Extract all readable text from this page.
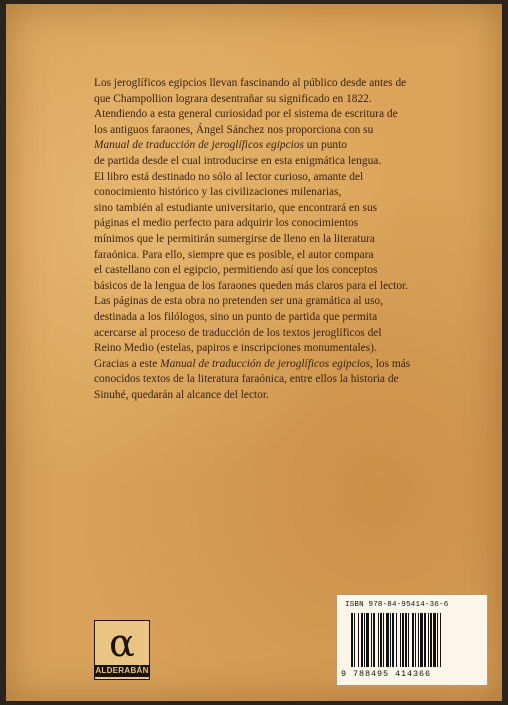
Los jeroglíficos egipcios llevan fascinando al público desde antes de
que Champollion lograra desentrañar su significado en 1822.
Atendiendo a esta general curiosidad por el sistema de escritura de
los antiguos faraones, Ángel Sánchez nos proporciona con su
Manual de traducción de jeroglíficos egipcios un punto
de partida desde el cual introducirse en esta enigmática lengua.
El libro está destinado no sólo al lector curioso, amante del
conocimiento histórico y las civilizaciones milenarias,
sino también al estudiante universitario, que encontrará en sus
páginas el medio perfecto para adquirir los conocimientos
mínimos que le permitirán sumergirse de lleno en la literatura
faraónica. Para ello, siempre que es posible, el autor compara
el castellano con el egipcio, permitiendo así que los conceptos
básicos de la lengua de los faraones queden más claros para el lector.
Las páginas de esta obra no pretenden ser una gramática al uso,
destinada a los filólogos, sino un punto de partida que permita
acercarse al proceso de traducción de los textos jeroglíficos del
Reino Medio (estelas, papiros e inscripciones monumentales).
Gracias a este Manual de traducción de jeroglíficos egipcios, los más
conocidos textos de la literatura faraónica, entre ellos la historia de
Sinuhé, quedarán al alcance del lector.

α
ALDERABÁN
ISBN 978-84-95414-36-6
9 788495 414366
